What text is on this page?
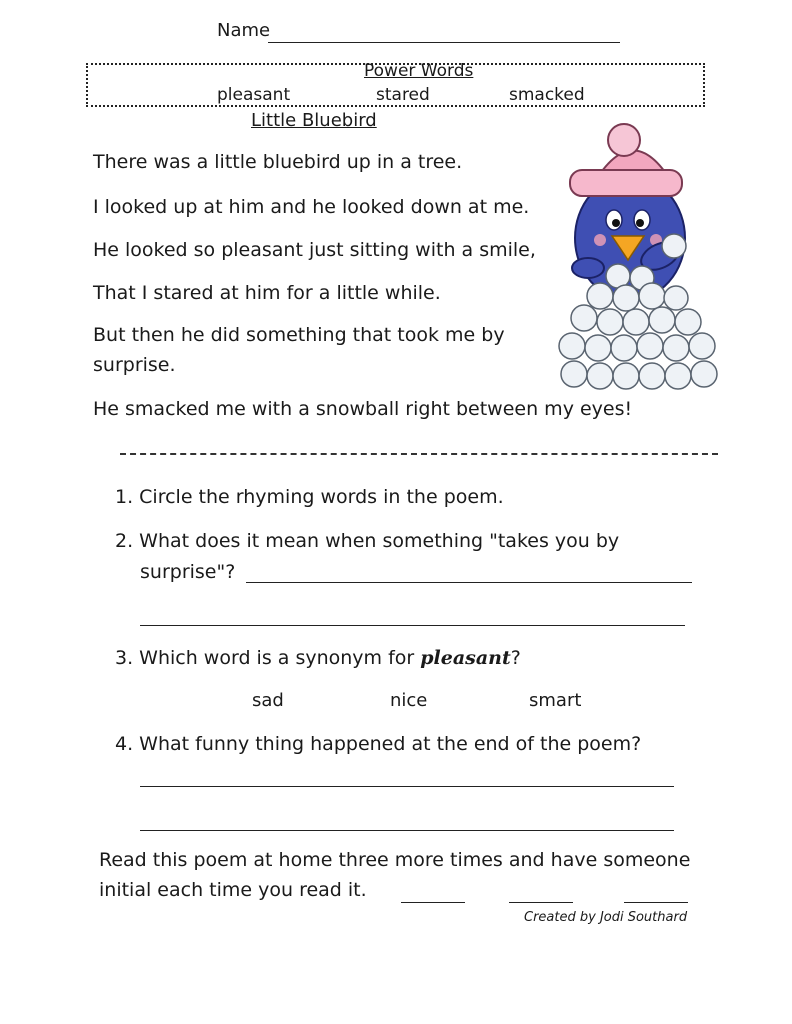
Name
Power Words
pleasant	stared	smacked
Little Bluebird
There was a little bluebird up in a tree.
I looked up at him and he looked down at me.
He looked so pleasant just sitting with a smile,
That I stared at him for a little while.
But then he did something that took me by
surprise.
He smacked me with a snowball right between my eyes!
1. Circle the rhyming words in the poem.
2. What does it mean when something "takes you by
surprise"?
3. Which word is a synonym for pleasant?
sad	nice	smart
4. What funny thing happened at the end of the poem?
Read this poem at home three more times and have someone
initial each time you read it.
Created by Jodi Southard
